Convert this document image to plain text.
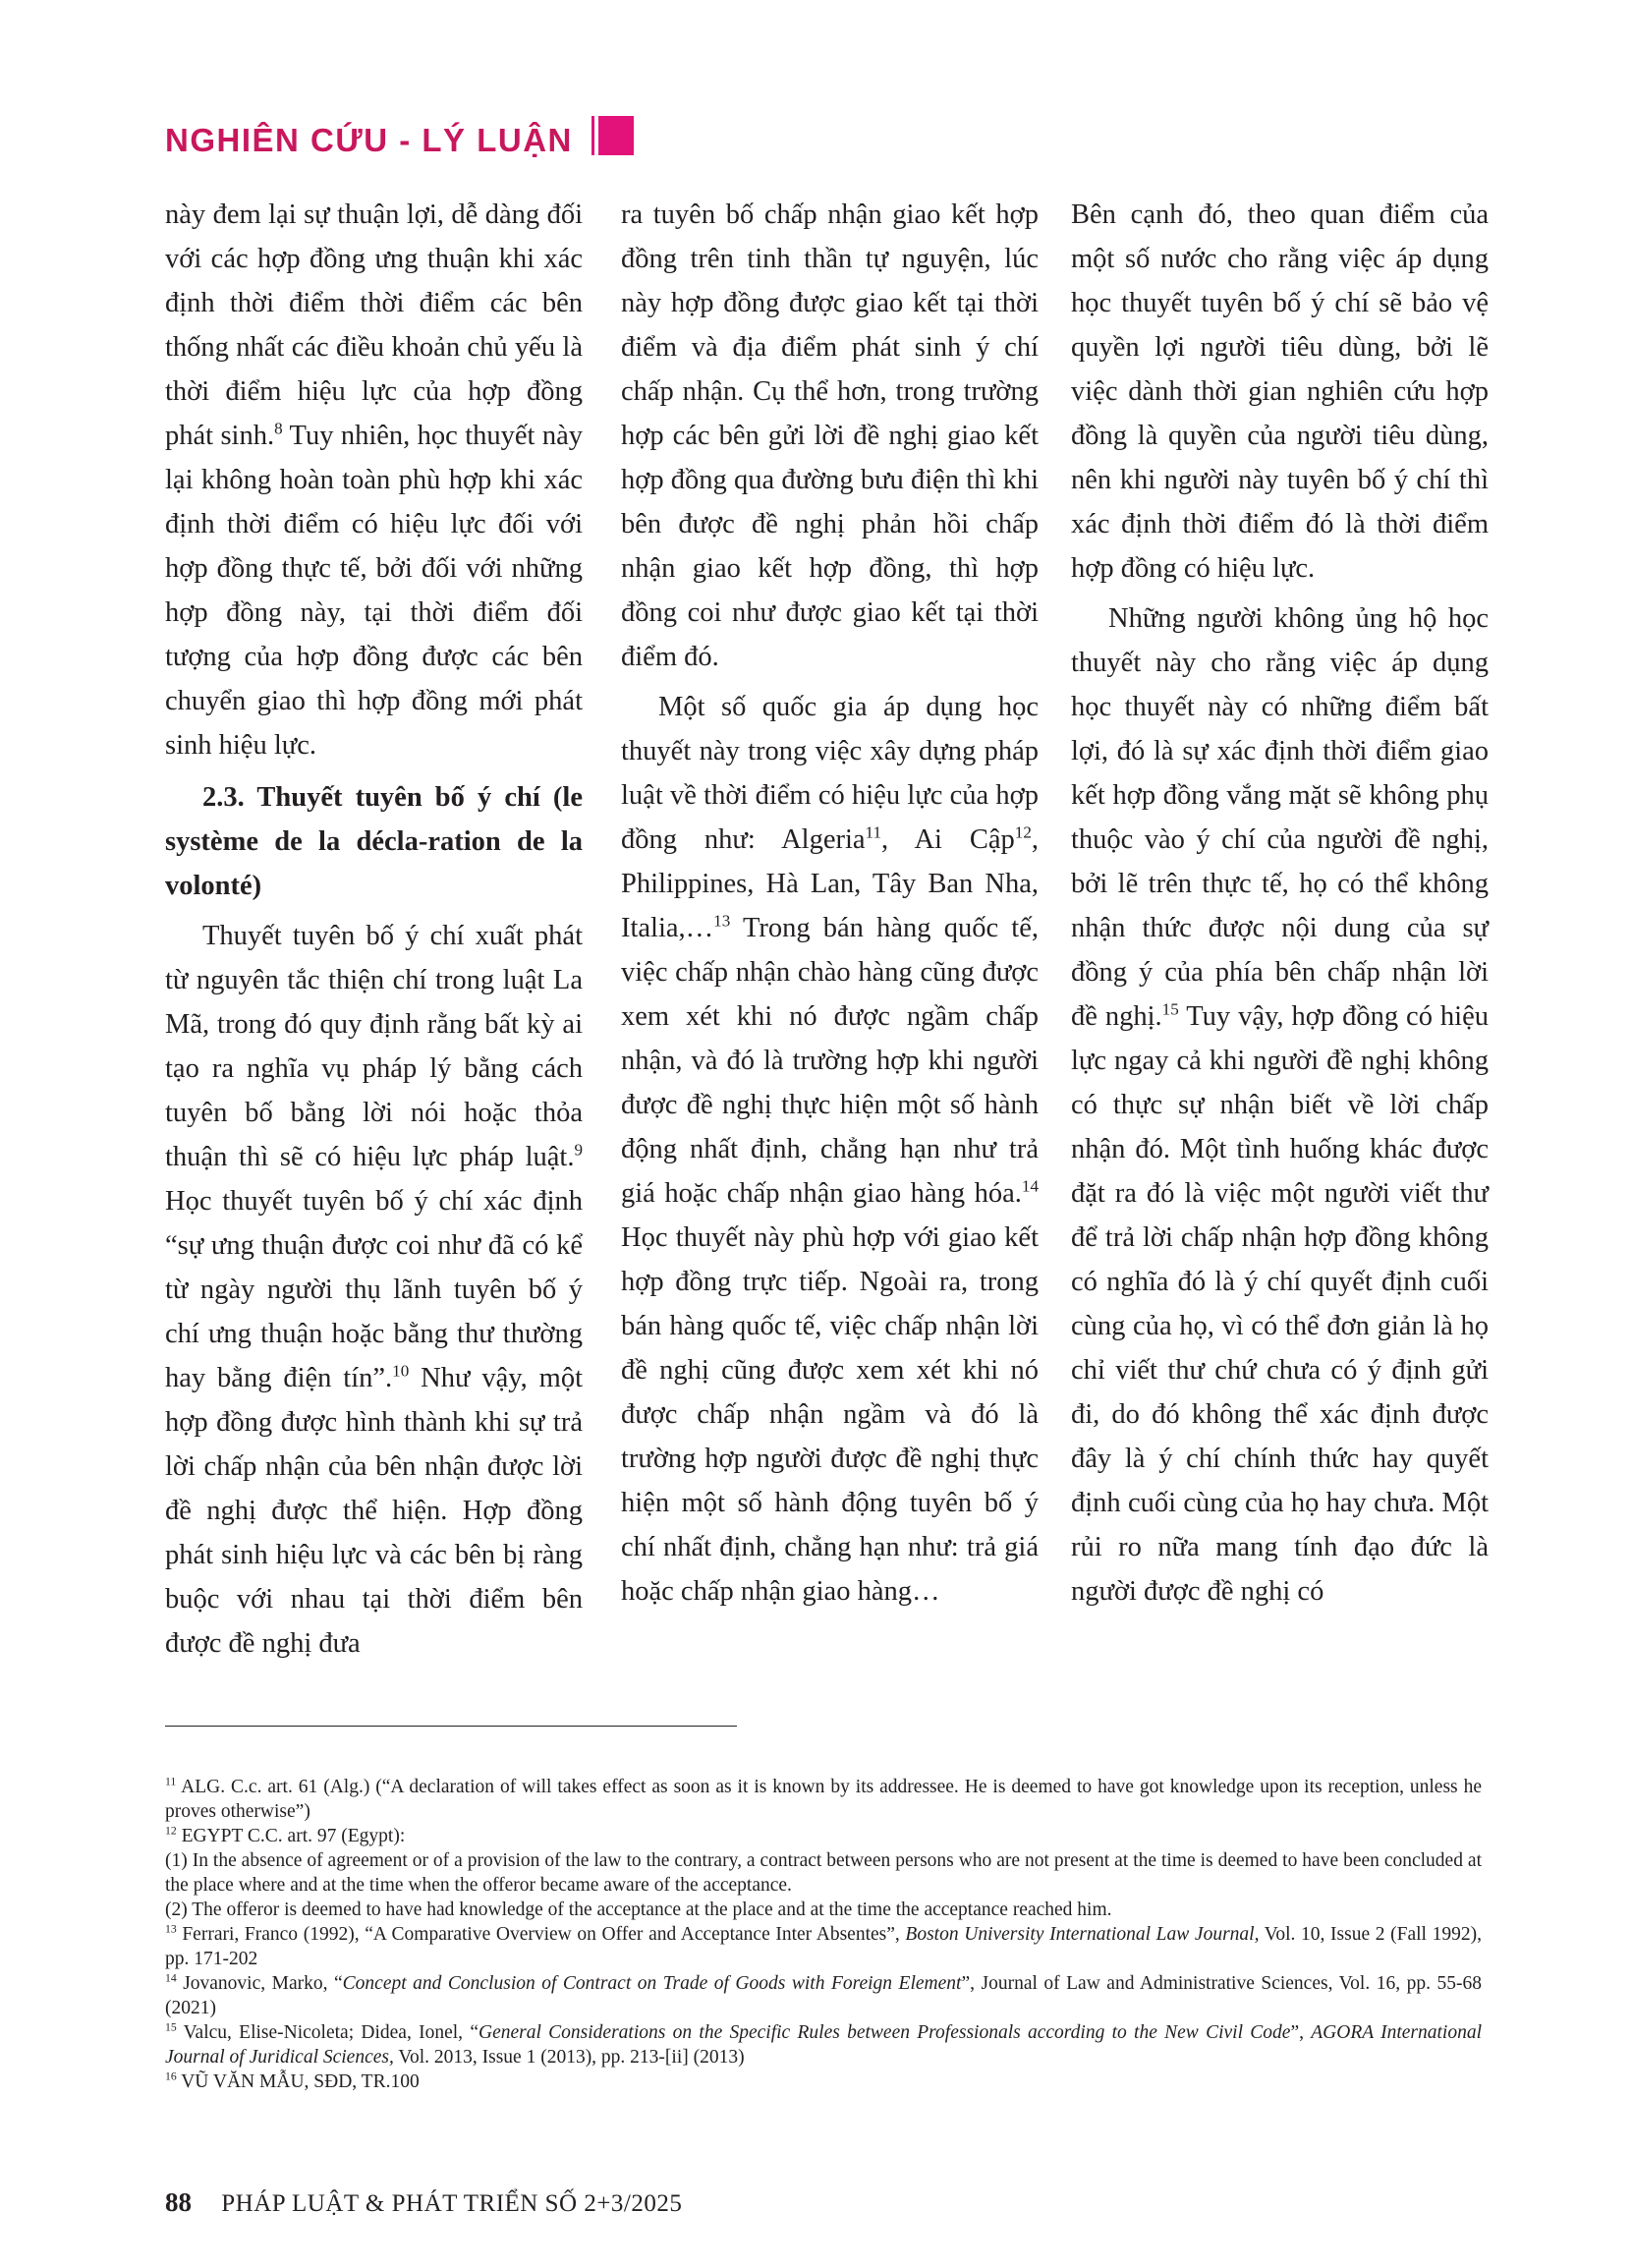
NGHIÊN CỨU - LÝ LUẬN

này đem lại sự thuận lợi, dễ dàng đối với các hợp đồng ưng thuận khi xác định thời điểm thời điểm các bên thống nhất các điều khoản chủ yếu là thời điểm hiệu lực của hợp đồng phát sinh.$^8$ Tuy nhiên, học thuyết này lại không hoàn toàn phù hợp khi xác định thời điểm có hiệu lực đối với hợp đồng thực tế, bởi đối với những hợp đồng này, tại thời điểm đối tượng của hợp đồng được các bên chuyển giao thì hợp đồng mới phát sinh hiệu lực.

2.3. Thuyết tuyên bố ý chí (le système de la décla-ration de la volonté)

Thuyết tuyên bố ý chí xuất phát từ nguyên tắc thiện chí trong luật La Mã, trong đó quy định rằng bất kỳ ai tạo ra nghĩa vụ pháp lý bằng cách tuyên bố bằng lời nói hoặc thỏa thuận thì sẽ có hiệu lực pháp luật.$^9$ Học thuyết tuyên bố ý chí xác định “sự ưng thuận được coi như đã có kể từ ngày người thụ lãnh tuyên bố ý chí ưng thuận hoặc bằng thư thường hay bằng điện tín”.$^{10}$ Như vậy, một hợp đồng được hình thành khi sự trả lời chấp nhận của bên nhận được lời đề nghị được thể hiện. Hợp đồng phát sinh hiệu lực và các bên bị ràng buộc với nhau tại thời điểm bên được đề nghị đưa

ra tuyên bố chấp nhận giao kết hợp đồng trên tinh thần tự nguyện, lúc này hợp đồng được giao kết tại thời điểm và địa điểm phát sinh ý chí chấp nhận. Cụ thể hơn, trong trường hợp các bên gửi lời đề nghị giao kết hợp đồng qua đường bưu điện thì khi bên được đề nghị phản hồi chấp nhận giao kết hợp đồng, thì hợp đồng coi như được giao kết tại thời điểm đó.

Một số quốc gia áp dụng học thuyết này trong việc xây dựng pháp luật về thời điểm có hiệu lực của hợp đồng như: Algeria$^{11}$, Ai Cập$^{12}$, Philippines, Hà Lan, Tây Ban Nha, Italia,…$^{13}$ Trong bán hàng quốc tế, việc chấp nhận chào hàng cũng được xem xét khi nó được ngầm chấp nhận, và đó là trường hợp khi người được đề nghị thực hiện một số hành động nhất định, chẳng hạn như trả giá hoặc chấp nhận giao hàng hóa.$^{14}$ Học thuyết này phù hợp với giao kết hợp đồng trực tiếp. Ngoài ra, trong bán hàng quốc tế, việc chấp nhận lời đề nghị cũng được xem xét khi nó được chấp nhận ngầm và đó là trường hợp người được đề nghị thực hiện một số hành động tuyên bố ý chí nhất định, chẳng hạn như: trả giá hoặc chấp nhận giao hàng…

Bên cạnh đó, theo quan điểm của một số nước cho rằng việc áp dụng học thuyết tuyên bố ý chí sẽ bảo vệ quyền lợi người tiêu dùng, bởi lẽ việc dành thời gian nghiên cứu hợp đồng là quyền của người tiêu dùng, nên khi người này tuyên bố ý chí thì xác định thời điểm đó là thời điểm hợp đồng có hiệu lực.

Những người không ủng hộ học thuyết này cho rằng việc áp dụng học thuyết này có những điểm bất lợi, đó là sự xác định thời điểm giao kết hợp đồng vắng mặt sẽ không phụ thuộc vào ý chí của người đề nghị, bởi lẽ trên thực tế, họ có thể không nhận thức được nội dung của sự đồng ý của phía bên chấp nhận lời đề nghị.$^{15}$ Tuy vậy, hợp đồng có hiệu lực ngay cả khi người đề nghị không có thực sự nhận biết về lời chấp nhận đó. Một tình huống khác được đặt ra đó là việc một người viết thư để trả lời chấp nhận hợp đồng không có nghĩa đó là ý chí quyết định cuối cùng của họ, vì có thể đơn giản là họ chỉ viết thư chứ chưa có ý định gửi đi, do đó không thể xác định được đây là ý chí chính thức hay quyết định cuối cùng của họ hay chưa. Một rủi ro nữa mang tính đạo đức là người được đề nghị có

$^{11}$ ALG. C.c. art. 61 (Alg.) (“A declaration of will takes effect as soon as it is known by its addressee. He is deemed to have got knowledge upon its reception, unless he proves otherwise”)
$^{12}$ EGYPT C.C. art. 97 (Egypt):
(1) In the absence of agreement or of a provision of the law to the contrary, a contract between persons who are not present at the time is deemed to have been concluded at the place where and at the time when the offeror became aware of the acceptance.
(2) The offeror is deemed to have had knowledge of the acceptance at the place and at the time the acceptance reached him.
$^{13}$ Ferrari, Franco (1992), “A Comparative Overview on Offer and Acceptance Inter Absentes”, Boston University International Law Journal, Vol. 10, Issue 2 (Fall 1992), pp. 171-202
$^{14}$ Jovanovic, Marko, “Concept and Conclusion of Contract on Trade of Goods with Foreign Element”, Journal of Law and Administrative Sciences, Vol. 16, pp. 55-68 (2021)
$^{15}$ Valcu, Elise-Nicoleta; Didea, Ionel, “General Considerations on the Specific Rules between Professionals according to the New Civil Code”, AGORA International Journal of Juridical Sciences, Vol. 2013, Issue 1 (2013), pp. 213-[ii] (2013)
$^{16}$ VŨ VĂN MẪU, SĐD, TR.100
88 PHÁP LUẬT & PHÁT TRIỂN SỐ 2+3/2025
